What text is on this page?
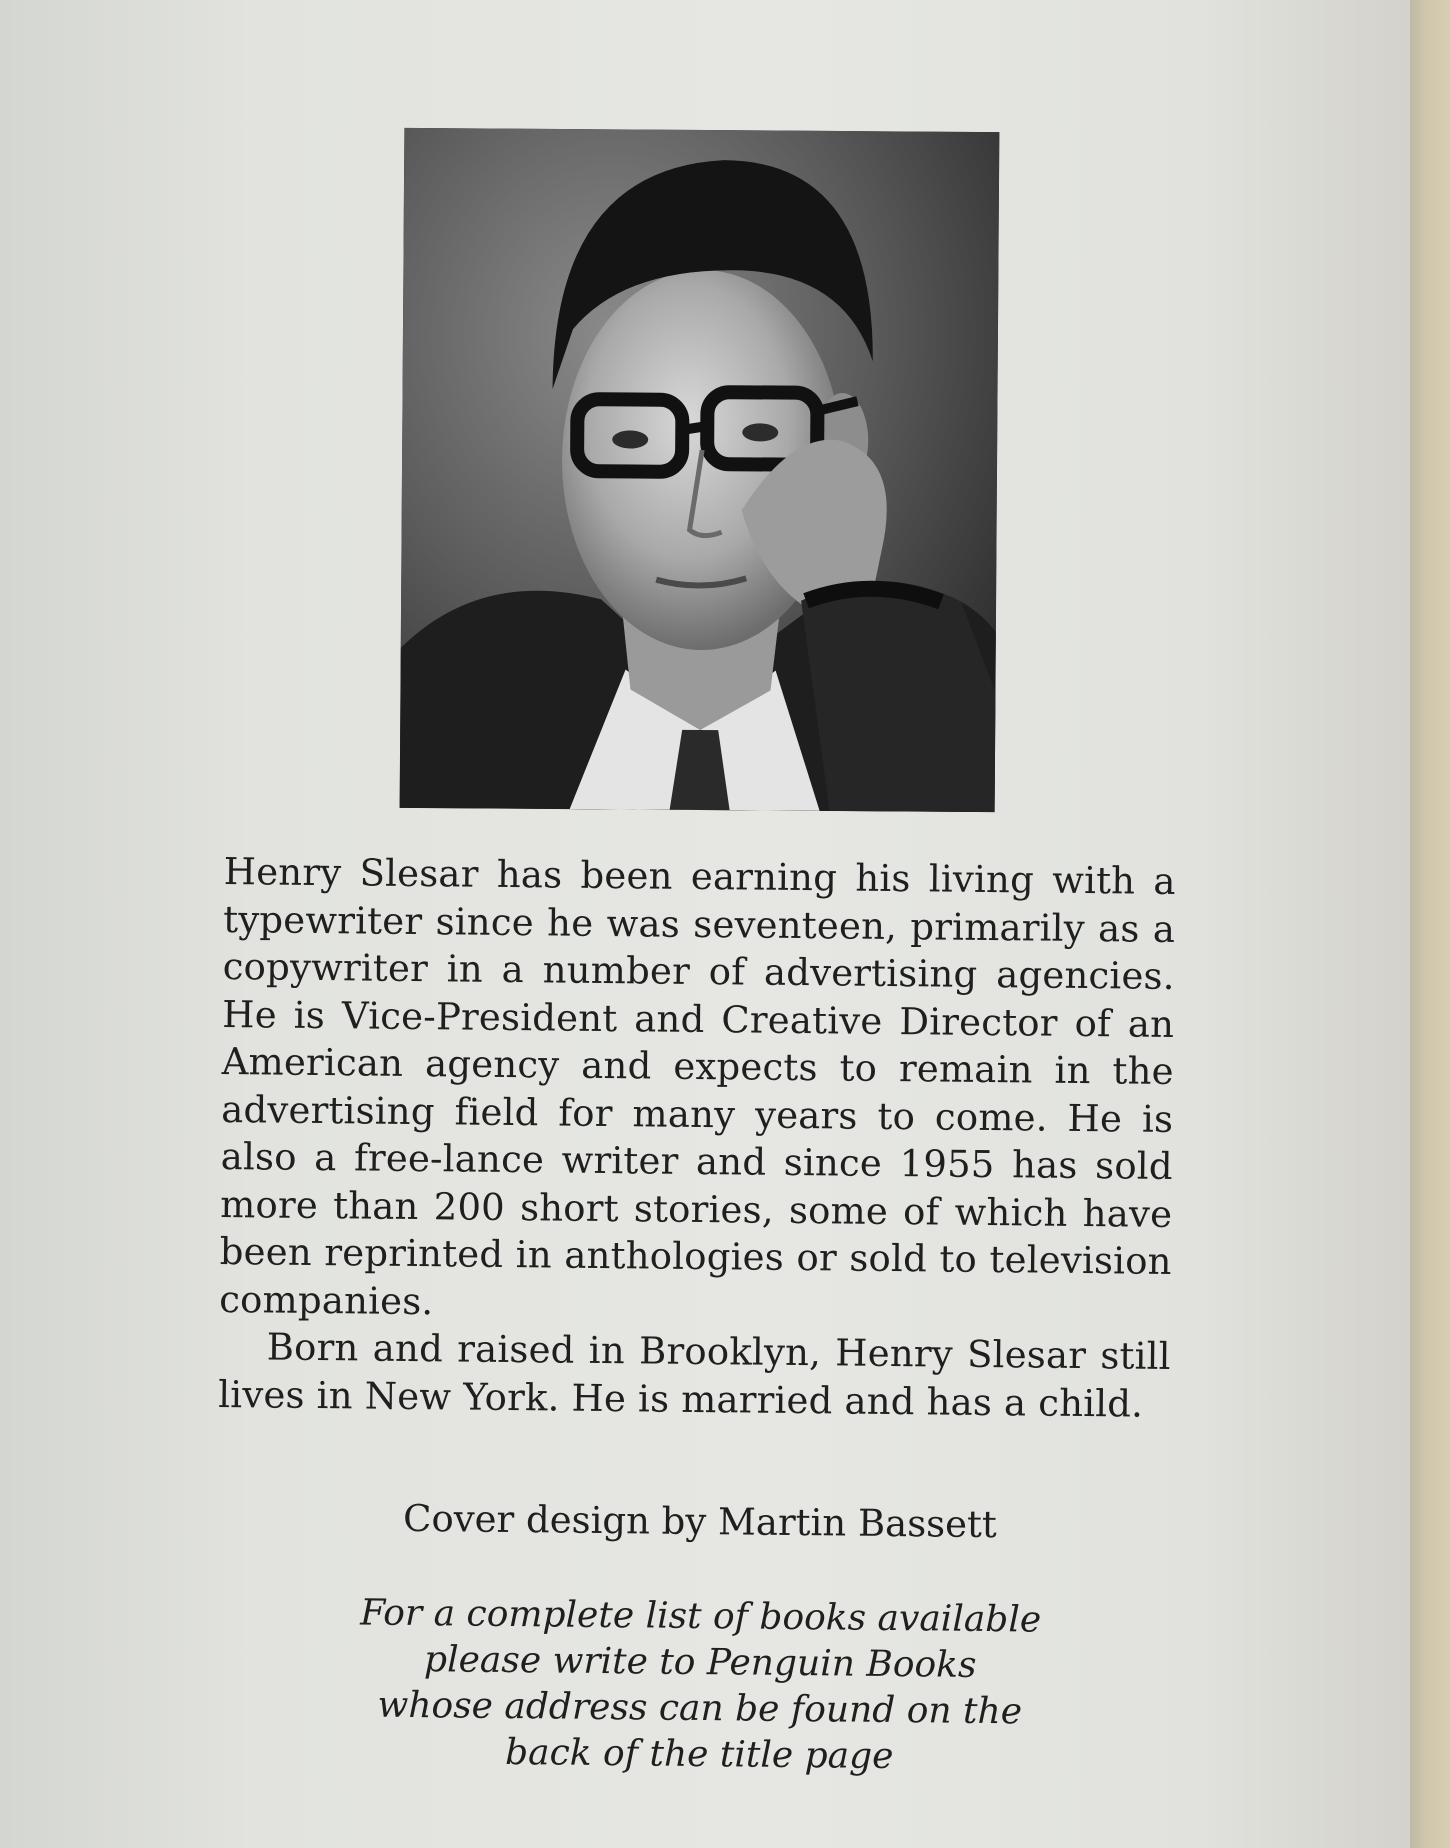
Henry Slesar has been earning his living with a typewriter since he was seventeen, primarily as a copywriter in a number of advertising agencies. He is Vice-President and Creative Director of an American agency and expects to remain in the advertising field for many years to come. He is also a free-lance writer and since 1955 has sold more than 200 short stories, some of which have been reprinted in anthologies or sold to television companies.

Born and raised in Brooklyn, Henry Slesar still lives in New York. He is married and has a child.

Cover design by Martin Bassett
For a complete list of books available
please write to Penguin Books
whose address can be found on the
back of the title page
